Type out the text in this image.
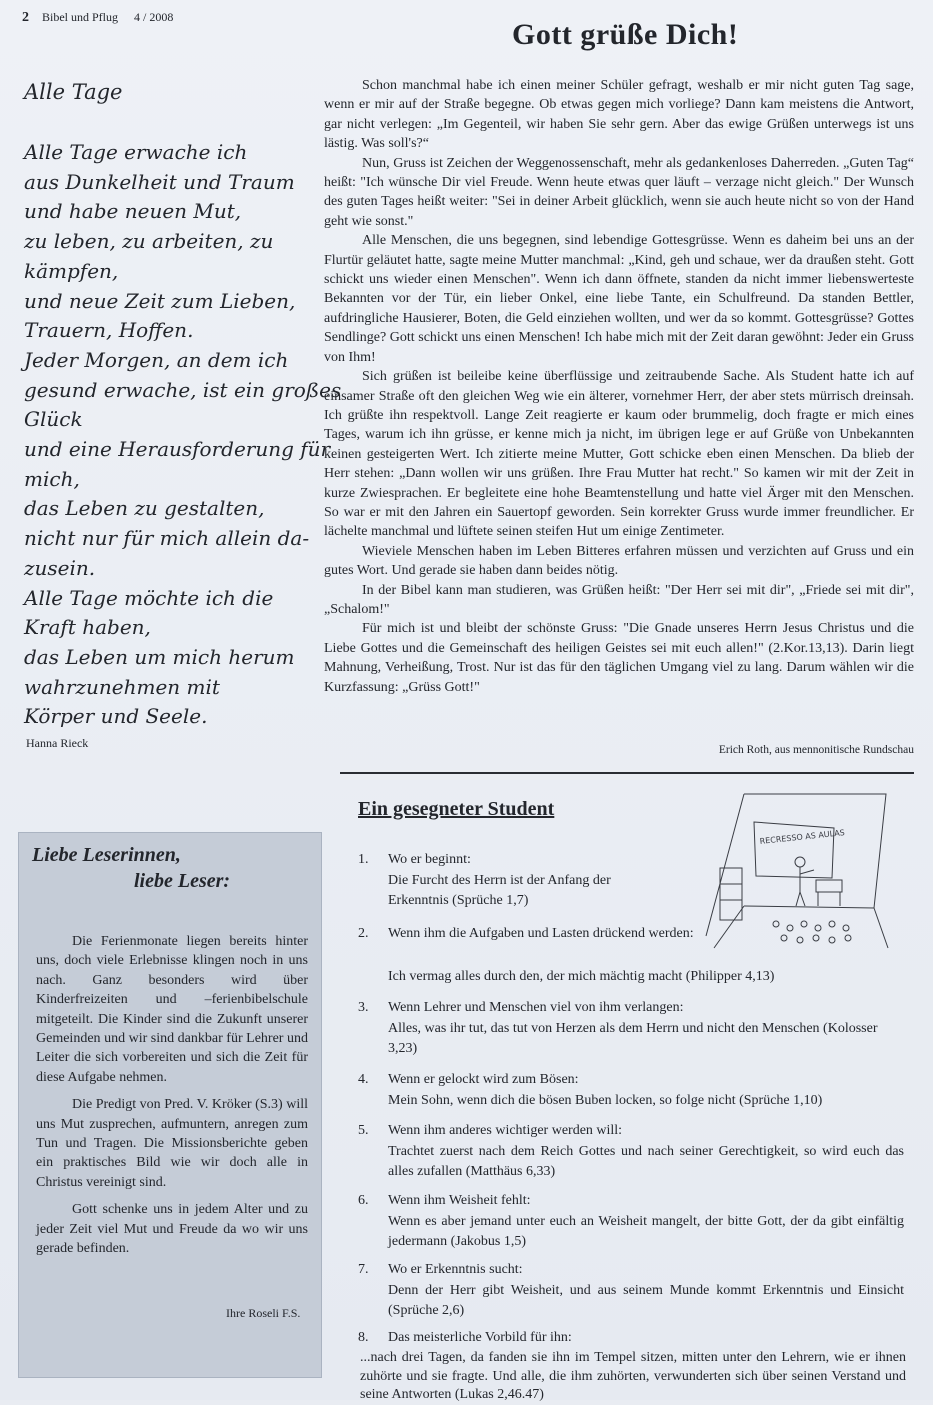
2 Bibel und Pflug 4 / 2008
Alle Tage
Alle Tage erwache ich
aus Dunkelheit und Traum
und habe neuen Mut,
zu leben, zu arbeiten, zu
kämpfen,
und neue Zeit zum Lieben,
Trauern, Hoffen.
Jeder Morgen, an dem ich
gesund erwache, ist ein großes
Glück
und eine Herausforderung für
mich,
das Leben zu gestalten,
nicht nur für mich allein da-
zusein.
Alle Tage möchte ich die
Kraft haben,
das Leben um mich herum
wahrzunehmen mit
Körper und Seele.
Hanna Rieck
Gott grüße Dich!

Schon manchmal habe ich einen meiner Schüler gefragt, weshalb er mir nicht guten Tag sage, wenn er mir auf der Straße begegne. Ob etwas gegen mich vorliege? Dann kam meistens die Antwort, gar nicht verlegen: „Im Gegenteil, wir haben Sie sehr gern. Aber das ewige Grüßen unterwegs ist uns lästig. Was soll's?“

Nun, Gruss ist Zeichen der Weggenossenschaft, mehr als gedankenloses Daherreden. „Guten Tag“ heißt: "Ich wünsche Dir viel Freude. Wenn heute etwas quer läuft – verzage nicht gleich." Der Wunsch des guten Tages heißt weiter: "Sei in deiner Arbeit glücklich, wenn sie auch heute nicht so von der Hand geht wie sonst."

Alle Menschen, die uns begegnen, sind lebendige Gottesgrüsse. Wenn es daheim bei uns an der Flurtür geläutet hatte, sagte meine Mutter manchmal: „Kind, geh und schaue, wer da draußen steht. Gott schickt uns wieder einen Menschen". Wenn ich dann öffnete, standen da nicht immer liebenswerteste Bekannten vor der Tür, ein lieber Onkel, eine liebe Tante, ein Schulfreund. Da standen Bettler, aufdringliche Hausierer, Boten, die Geld einziehen wollten, und wer da so kommt. Gottesgrüsse? Gottes Sendlinge? Gott schickt uns einen Menschen! Ich habe mich mit der Zeit daran gewöhnt: Jeder ein Gruss von Ihm!

Sich grüßen ist beileibe keine überflüssige und zeitraubende Sache. Als Student hatte ich auf einsamer Straße oft den gleichen Weg wie ein älterer, vornehmer Herr, der aber stets mürrisch dreinsah. Ich grüßte ihn respektvoll. Lange Zeit reagierte er kaum oder brummelig, doch fragte er mich eines Tages, warum ich ihn grüsse, er kenne mich ja nicht, im übrigen lege er auf Grüße von Unbekannten keinen gesteigerten Wert. Ich zitierte meine Mutter, Gott schicke eben einen Menschen. Da blieb der Herr stehen: „Dann wollen wir uns grüßen. Ihre Frau Mutter hat recht." So kamen wir mit der Zeit in kurze Zwiesprachen. Er begleitete eine hohe Beamtenstellung und hatte viel Ärger mit den Menschen. So war er mit den Jahren ein Sauertopf geworden. Sein korrekter Gruss wurde immer freundlicher. Er lächelte manchmal und lüftete seinen steifen Hut um einige Zentimeter.

Wieviele Menschen haben im Leben Bitteres erfahren müssen und verzichten auf Gruss und ein gutes Wort. Und gerade sie haben dann beides nötig.

In der Bibel kann man studieren, was Grüßen heißt: "Der Herr sei mit dir", „Friede sei mit dir", „Schalom!"

Für mich ist und bleibt der schönste Gruss: "Die Gnade unseres Herrn Jesus Christus und die Liebe Gottes und die Gemeinschaft des heiligen Geistes sei mit euch allen!" (2.Kor.13,13). Darin liegt Mahnung, Verheißung, Trost. Nur ist das für den täglichen Umgang viel zu lang. Darum wählen wir die Kurzfassung: „Grüss Gott!"

Erich Roth, aus mennonitische Rundschau
Liebe Leserinnen,
liebe Leser:

Die Ferienmonate liegen bereits hinter uns, doch viele Erlebnisse klingen noch in uns nach. Ganz besonders wird über Kinderfreizeiten und –ferienbibelschule mitgeteilt. Die Kinder sind die Zukunft unserer Gemeinden und wir sind dankbar für Lehrer und Leiter die sich vorbereiten und sich die Zeit für diese Aufgabe nehmen.

Die Predigt von Pred. V. Kröker (S.3) will uns Mut zusprechen, aufmuntern, anregen zum Tun und Tragen. Die Missionsberichte geben ein praktisches Bild wie wir doch alle in Christus vereinigt sind.

Gott schenke uns in jedem Alter und zu jeder Zeit viel Mut und Freude da wo wir uns gerade befinden.

Ihre Roseli F.S.
Ein gesegneter Student
RECRESSO AS AULAS
1. Wo er beginnt:
Die Furcht des Herrn ist der Anfang der Erkenntnis (Sprüche 1,7)
2. Wenn ihm die Aufgaben und Lasten drückend werden:
Ich vermag alles durch den, der mich mächtig macht (Philipper 4,13)
3. Wenn Lehrer und Menschen viel von ihm verlangen:
Alles, was ihr tut, das tut von Herzen als dem Herrn und nicht den Menschen (Kolosser 3,23)
4. Wenn er gelockt wird zum Bösen:
Mein Sohn, wenn dich die bösen Buben locken, so folge nicht (Sprüche 1,10)
5. Wenn ihm anderes wichtiger werden will:
Trachtet zuerst nach dem Reich Gottes und nach seiner Gerechtigkeit, so wird euch das alles zufallen (Matthäus 6,33)
6. Wenn ihm Weisheit fehlt:
Wenn es aber jemand unter euch an Weisheit mangelt, der bitte Gott, der da gibt einfältig jedermann (Jakobus 1,5)
7. Wo er Erkenntnis sucht:
Denn der Herr gibt Weisheit, und aus seinem Munde kommt Erkenntnis und Einsicht (Sprüche 2,6)
8. Das meisterliche Vorbild für ihn:
...nach drei Tagen, da fanden sie ihn im Tempel sitzen, mitten unter den Lehrern, wie er ihnen zuhörte und sie fragte. Und alle, die ihm zuhörten, verwunderten sich über seinen Verstand und seine Antworten (Lukas 2,46.47)
